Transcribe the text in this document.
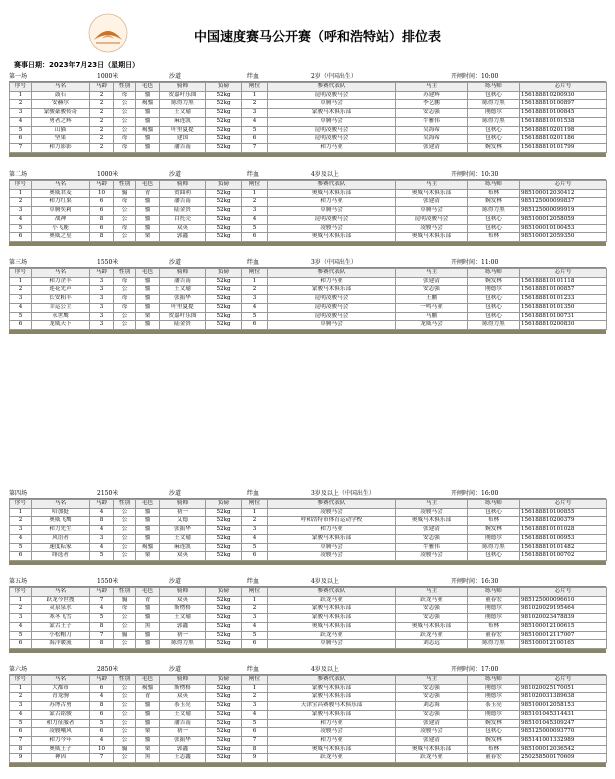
中国速度赛马公开赛（呼和浩特站）排位表
赛事日期：2023年7月23日（星期日）
第一场	1000米	沙道	绊血	2岁（中国出生）	开闸时间：10:00
序号	马名	马龄	性别	毛色	骑师	负磅	闸位	参赛代表队	马主	练马师	芯片号
1	鼓石	2	母	骝	贺嘉叶乐图	52kg	1	昆明凌骏马会	苏建辉	包秋心	156188810200930
2	安赫尔	2	公	褐骝	陈得力黑	52kg	2	草腾马会	李艺鹏	陈得力黑	156188810100897
3	蒙骏豪骏传奇	2	公	骝	王文瑜	52kg	3	蒙骏马术俱乐部	安志强	刚德尔	156188810100845
4	勇者之辉	2	公	骝	麻连凯	52kg	4	草腾马会	牛雅伟	陈得力黑	156188810101538
5	山猫	2	公	褐骝	叶里夏提	52kg	5	昆明凌骏马会	吴海希	包秋心	156188810201198
6	坚果	2	母	骝	建国	52kg	6	昆明凌骏马会	吴海希	包秋心	156188810201186
7	和力影影	2	母	骝	潘吉南	52kg	7	和力马业	张建清	婉发林	156188810101799
第二场	1000米	沙道	绊血	4岁及以上	开闸时间：10:30
序号	马名	马龄	性别	毛色	骑师	负磅	闸位	参赛代表队	马主	练马师	芯片号
1	奥威君麦	10	骟	青	贺曲利	52kg	1	奥威马术俱乐部	奥威马术俱乐部	布林	985100012030412
2	和力红果	6	母	骝	潘吉南	52kg	2	和力马业	张建清	婉发林	985125000099837
3	草腾奕莉	6	公	骝	陆金贵	52kg	3	草腾马会	草腾马会	陈得力黑	985125000099919
4	战神	8	公	骝	白托壳	52kg	4	昆明凌骏马会	昆明凌骏马会	包秋心	985100012058059
5	小飞鹿	6	母	骝	双英	52kg	5	凌骏马会	凌骏马会	包秋心	985100010100453
6	奥威之星	8	公	栗	郭鑫	52kg	6	奥威马术俱乐部	奥威马术俱乐部	布林	985100012059350
第三场	1550米	沙道	绊血	3岁（中国出生）	开闸时间：11:00
序号	马名	马龄	性别	毛色	骑师	负磅	闸位	参赛代表队	马主	练马师	芯片号
1	和力企丰	3	母	骝	潘吉南	52kg	1	和力马业	张建清	婉发林	156188810101118
2	莲花先声	3	公	骝	王文瑜	52kg	2	蒙骏马术俱乐部	安志强	刚德尔	156188810100857
3	长安粗丰	3	母	骝	张振华	52kg	3	昆明凌骏马会	王鹏	包秋心	156188810101233
4	幸运公主	3	母	骝	叶里夏提	52kg	4	昆明凌骏马会	一鸣马业	包秋心	156188810101350
5	永世鹰	3	公	栗	贺嘉叶乐图	52kg	5	昆明凌骏马会	马鹏	包秋心	156188810100731
6	龙威天下	3	公	骝	陆金贵	52kg	6	草腾马会	龙威马会	陈得力黑	156188810200830
第四场	2150米	沙道	绊血	3岁及以上（中国出生）	开闸时间：16:00
序号	马名	马龄	性别	毛色	骑师	负磅	闸位	参赛代表队	马主	练马师	芯片号
1	哈加挺	4	公	骝	初一	52kg	1	凌骏马会	凌骏马会	包秋心	156188810100855
2	奥威飞鹰	8	公	骝	艾德	52kg	2	呼和浩特市体育运动学校	奥威马术俱乐部	布林	156188810200379
3	和力先生	4	公	骝	张振华	52kg	3	和力马业	张建清	婉发林	156188810101028
4	风语者	3	公	骝	王文瑜	52kg	4	蒙骏马术俱乐部	安志强	刚德尔	156188810100953
5	速度耘家	4	公	褐骝	麻连凯	52kg	5	草腾马会	牛雅伟	陈得力黑	156188810101482
6	绯选者	5	公	栗	双英	52kg	6	凌骏马会	凌骏马会	包秋心	156188810100702
第五场	1550米	沙道	绊血	4岁及以上	开闸时间：16:30
序号	马名	马龄	性别	毛色	骑师	负磅	闸位	参赛代表队	马主	练马师	芯片号
1	跃龙今世搜	7	骟	青	双英	52kg	1	跃龙马业	跃龙马业	董春宏	985125000096610
2	灵泉泉水	4	母	骝	斯楞格	52kg	2	蒙骏马术俱乐部	安志强	刚德尔	981020029195464
3	寒冬飞雪	5	公	骝	王文瑜	52kg	3	蒙骏马术俱乐部	安志强	刚德尔	981020023478839
4	蒙古王子	8	公	黑	郭鑫	52kg	4	奥威马术俱乐部	奥威马术俱乐部	布林	985100012100615
5	小松帽刀	7	骟	骝	初一	52kg	5	跃龙马业	跃龙马业	董春宏	985100012117007
6	海洋暖流	8	公	骝	陈得力黑	52kg	6	草腾马会	刘志远	陈得力黑	985100012100165
第六场	2850米	沙道	绊血	4岁及以上	开闸时间：17:00
序号	马名	马龄	性别	毛色	骑师	负磅	闸位	参赛代表队	马主	练马师	芯片号
1	大都市	6	公	褐骝	斯楞格	52kg	1	蒙骏马术俱乐部	安志强	刚德尔	981020025170051
2	青龙驹	4	公	青	双英	52kg	2	蒙骏马术俱乐部	安志强	刚德尔	981020031389638
3	苏博古勇	8	公	骝	茶玉亮	52kg	3	天津宝昌赛骏马术俱乐部	刘志海	茶玉亮	985100012058153
4	蒙古铭骏	6	公	骝	王文瑜	52kg	4	蒙骏马术俱乐部	安志强	刚德尔	985101045314431
5	和力征服者	5	公	骝	潘吉南	52kg	5	和力马业	张建清	婉发林	985101045309247
6	凌骏嘲风	6	公	栗	初一	52kg	6	凌骏马会	凌骏马会	包秋心	985125000093770
7	和力今年	4	公	骝	张振华	52kg	7	和力马业	张建清	婉发林	985141001332989
8	奥威王子	10	骟	栗	郭鑫	52kg	8	奥威马术俱乐部	奥威马术俱乐部	布林	985100012036542
9	神因	7	公	黑	王志鑫	52kg	9	跃龙马业	跃龙马业	董春宏	250258500170609
